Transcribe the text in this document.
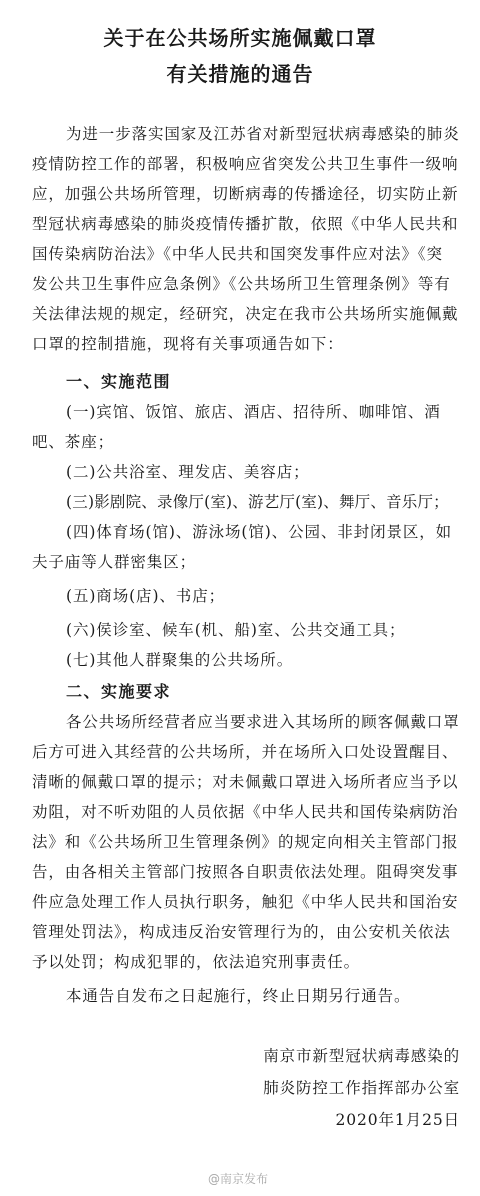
关于在公共场所实施佩戴口罩
有关措施的通告
为进一步落实国家及江苏省对新型冠状病毒感染的肺炎
疫情防控工作的部署，积极响应省突发公共卫生事件一级响
应，加强公共场所管理，切断病毒的传播途径，切实防止新
型冠状病毒感染的肺炎疫情传播扩散，依照《中华人民共和
国传染病防治法》《中华人民共和国突发事件应对法》《突
发公共卫生事件应急条例》《公共场所卫生管理条例》等有
关法律法规的规定，经研究，决定在我市公共场所实施佩戴
口罩的控制措施，现将有关事项通告如下：
一、实施范围
(一)宾馆、饭馆、旅店、酒店、招待所、咖啡馆、酒
吧、茶座；
(二)公共浴室、理发店、美容店；
(三)影剧院、录像厅(室)、游艺厅(室)、舞厅、音乐厅；
(四)体育场(馆)、游泳场(馆)、公园、非封闭景区，如
夫子庙等人群密集区；
(五)商场(店)、书店；
(六)侯诊室、候车(机、船)室、公共交通工具；
(七)其他人群聚集的公共场所。
二、实施要求
各公共场所经营者应当要求进入其场所的顾客佩戴口罩
后方可进入其经营的公共场所，并在场所入口处设置醒目、
清晰的佩戴口罩的提示；对未佩戴口罩进入场所者应当予以
劝阻，对不听劝阻的人员依据《中华人民共和国传染病防治
法》和《公共场所卫生管理条例》的规定向相关主管部门报
告，由各相关主管部门按照各自职责依法处理。阻碍突发事
件应急处理工作人员执行职务，触犯《中华人民共和国治安
管理处罚法》，构成违反治安管理行为的，由公安机关依法
予以处罚；构成犯罪的，依法追究刑事责任。
本通告自发布之日起施行，终止日期另行通告。
南京市新型冠状病毒感染的
肺炎防控工作指挥部办公室
2020年1月25日
@南京发布
